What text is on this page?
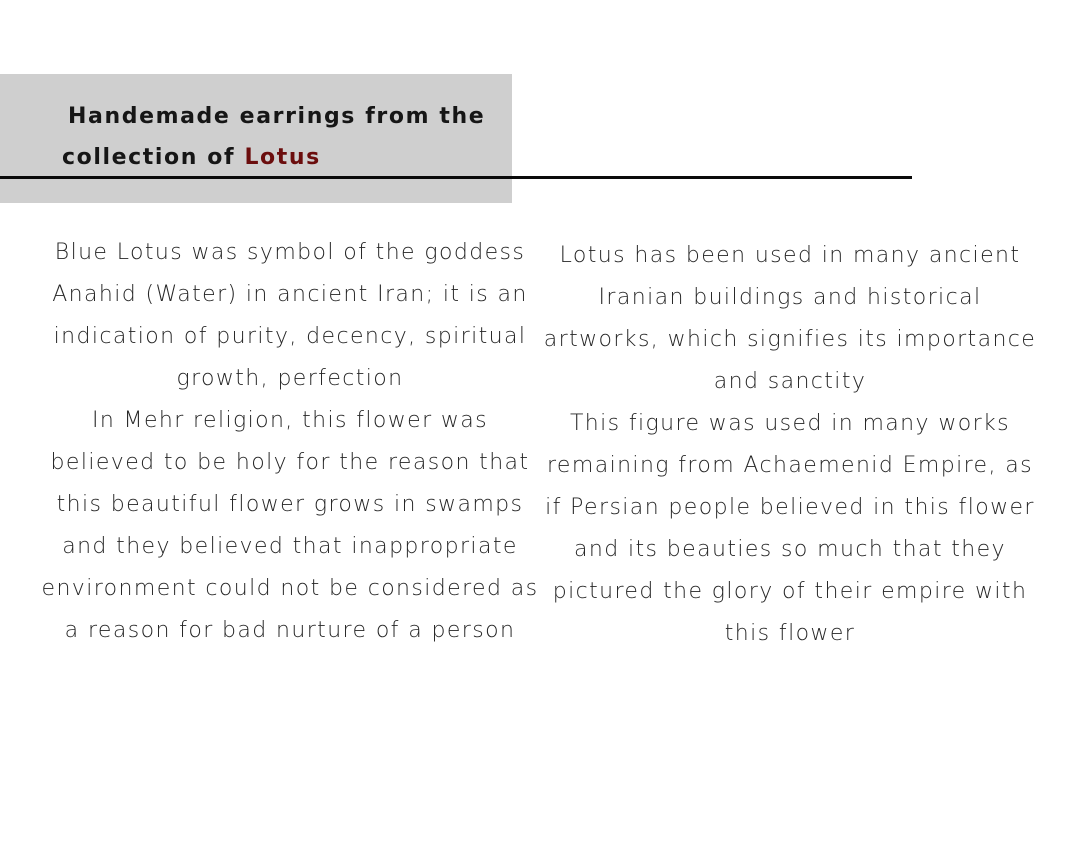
Handemade earrings from the
collection of Lotus

Blue Lotus was symbol of the goddess Anahid (Water) in ancient Iran; it is an indication of purity, decency, spiritual growth, perfection

In Mehr religion, this flower was believed to be holy for the reason that this beautiful flower grows in swamps and they believed that inappropriate environment could not be considered as a reason for bad nurture of a person

Lotus has been used in many ancient Iranian buildings and historical artworks, which signifies its importance and sanctity

This figure was used in many works remaining from Achaemenid Empire, as if Persian people believed in this flower and its beauties so much that they pictured the glory of their empire with this flower
